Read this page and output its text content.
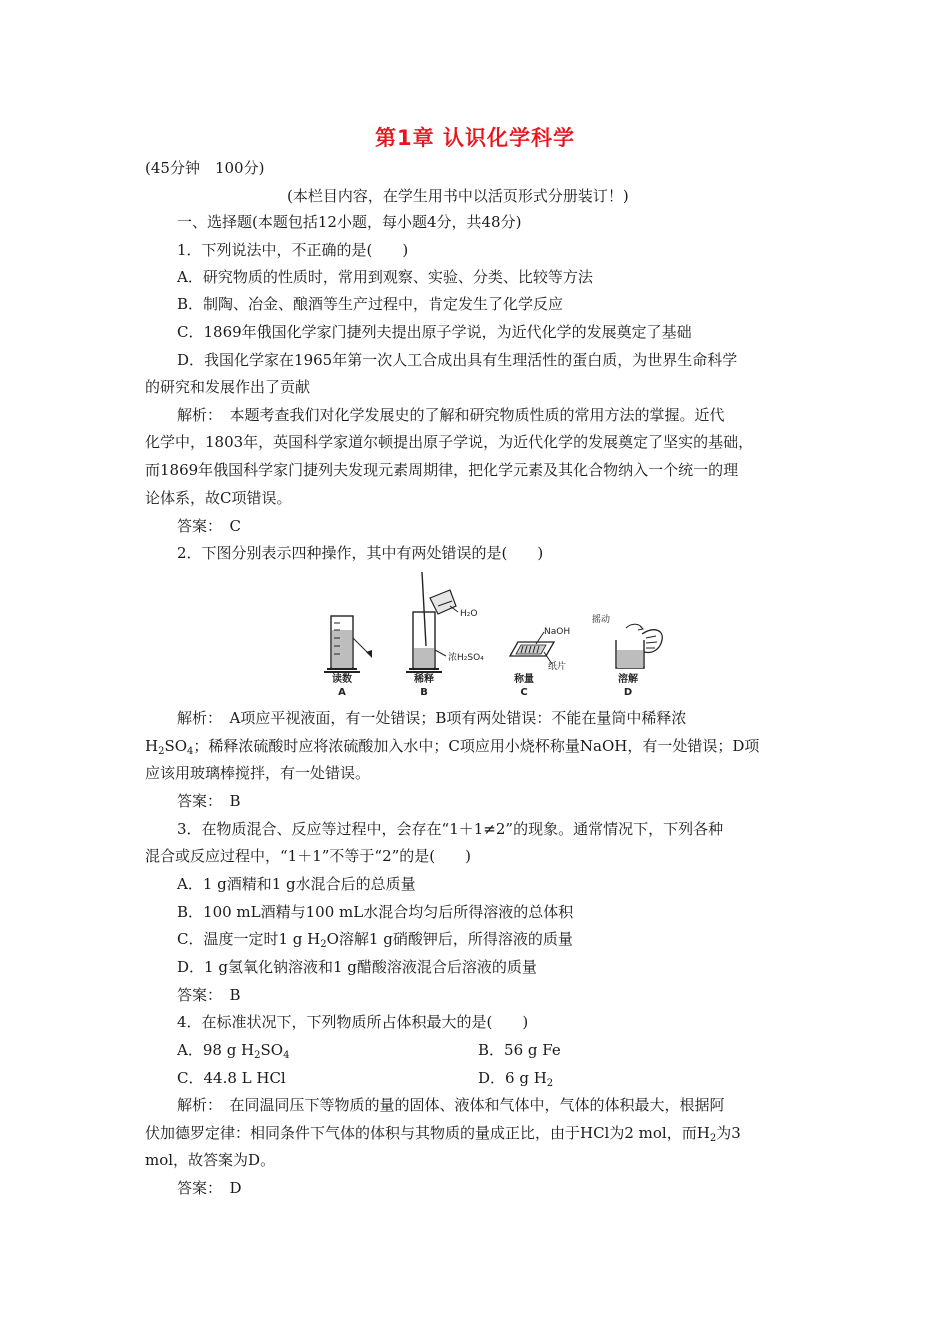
第1章 认识化学科学
(45分钟　100分)
(本栏目内容，在学生用书中以活页形式分册装订！)
一、选择题(本题包括12小题，每小题4分，共48分)
1．下列说法中，不正确的是(　　)
A．研究物质的性质时，常用到观察、实验、分类、比较等方法
B．制陶、冶金、酿酒等生产过程中，肯定发生了化学反应
C．1869年俄国化学家门捷列夫提出原子学说，为近代化学的发展奠定了基础
D．我国化学家在1965年第一次人工合成出具有生理活性的蛋白质，为世界生命科学
的研究和发展作出了贡献
解析：　本题考查我们对化学发展史的了解和研究物质性质的常用方法的掌握。近代
化学中，1803年，英国科学家道尔顿提出原子学说，为近代化学的发展奠定了坚实的基础，
而1869年俄国科学家门捷列夫发现元素周期律，把化学元素及其化合物纳入一个统一的理
论体系，故C项错误。
答案：　C
2．下图分别表示四种操作，其中有两处错误的是(　　)
读数
A
H₂O
浓H₂SO₄
稀释
B
NaOH
纸片
称量
C
摇动
溶解
D
解析：　A项应平视液面，有一处错误；B项有两处错误：不能在量筒中稀释浓
$H_2SO_4$；稀释浓硫酸时应将浓硫酸加入水中；C项应用小烧杯称量NaOH，有一处错误；D项
应该用玻璃棒搅拌，有一处错误。
答案：　B
3．在物质混合、反应等过程中，会存在“1＋1≠2”的现象。通常情况下，下列各种
混合或反应过程中，“1＋1”不等于“2”的是(　　)
A．1 g酒精和1 g水混合后的总质量
B．100 mL酒精与100 mL水混合均匀后所得溶液的总体积
C．温度一定时1 g $H_2O$溶解1 g硝酸钾后，所得溶液的质量
D．1 g氢氧化钠溶液和1 g醋酸溶液混合后溶液的质量
答案：　B
4．在标准状况下，下列物质所占体积最大的是(　　)
A．98 g $H_2SO_4$	B．56 g Fe
C．44.8 L HCl	D．6 g $H_2$
解析：　在同温同压下等物质的量的固体、液体和气体中，气体的体积最大，根据阿
伏加德罗定律：相同条件下气体的体积与其物质的量成正比，由于HCl为2 mol，而$H_2$为3
mol，故答案为D。
答案：　D
